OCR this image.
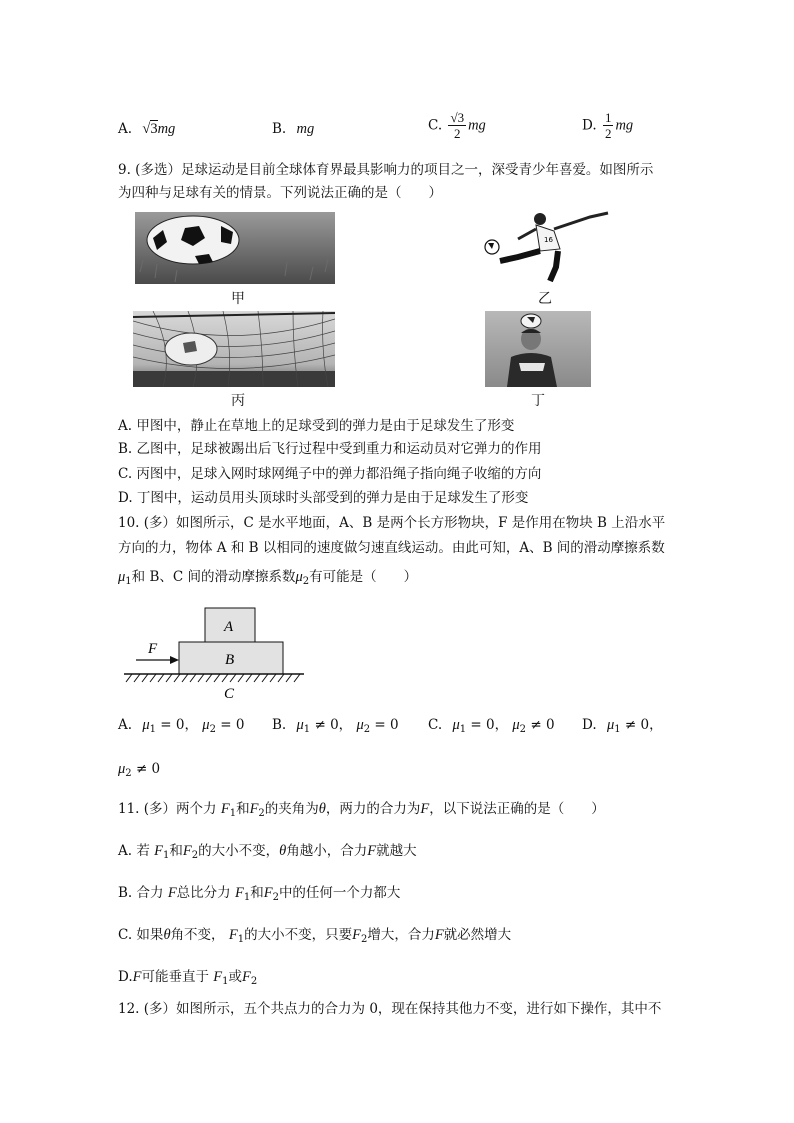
A. √3mg	B. mg	C. $\frac{√3}{2}$ mg	D. $\frac{1}{2}$ mg
9. (多选）足球运动是目前全球体育界最具影响力的项目之一，深受青少年喜爱。如图所示
为四种与足球有关的情景。下列说法正确的是（　　）
甲
16
乙
丙	丁
A. 甲图中，静止在草地上的足球受到的弹力是由于足球发生了形变
B. 乙图中，足球被踢出后飞行过程中受到重力和运动员对它弹力的作用
C. 丙图中，足球入网时球网绳子中的弹力都沿绳子指向绳子收缩的方向
D. 丁图中，运动员用头顶球时头部受到的弹力是由于足球发生了形变
10. (多）如图所示，C 是水平地面，A、B 是两个长方形物块，F 是作用在物块 B 上沿水平
方向的力，物体 A 和 B 以相同的速度做匀速直线运动。由此可知，A、B 间的滑动摩擦系数
$\mu_1$和 B、C 间的滑动摩擦系数$\mu_2$有可能是（　　）
A
B
C
F
A. $\mu_1 = 0$， $\mu_2 = 0$ B. $\mu_1 \ne 0$， $\mu_2 = 0$ C. $\mu_1 = 0$， $\mu_2 \ne 0$ D. $\mu_1 \ne 0$，
$\mu_2 \ne 0$
11. (多）两个力 $F_1$和$F_2$的夹角为θ，两力的合力为F，以下说法正确的是（　　）
A. 若 $F_1$和$F_2$的大小不变，θ角越小，合力F就越大
B. 合力 F总比分力 $F_1$和$F_2$中的任何一个力都大
C. 如果θ角不变， $F_1$的大小不变，只要$F_2$增大，合力F就必然增大
D.F可能垂直于 $F_1$或$F_2$
12. (多）如图所示，五个共点力的合力为 0，现在保持其他力不变，进行如下操作，其中不
